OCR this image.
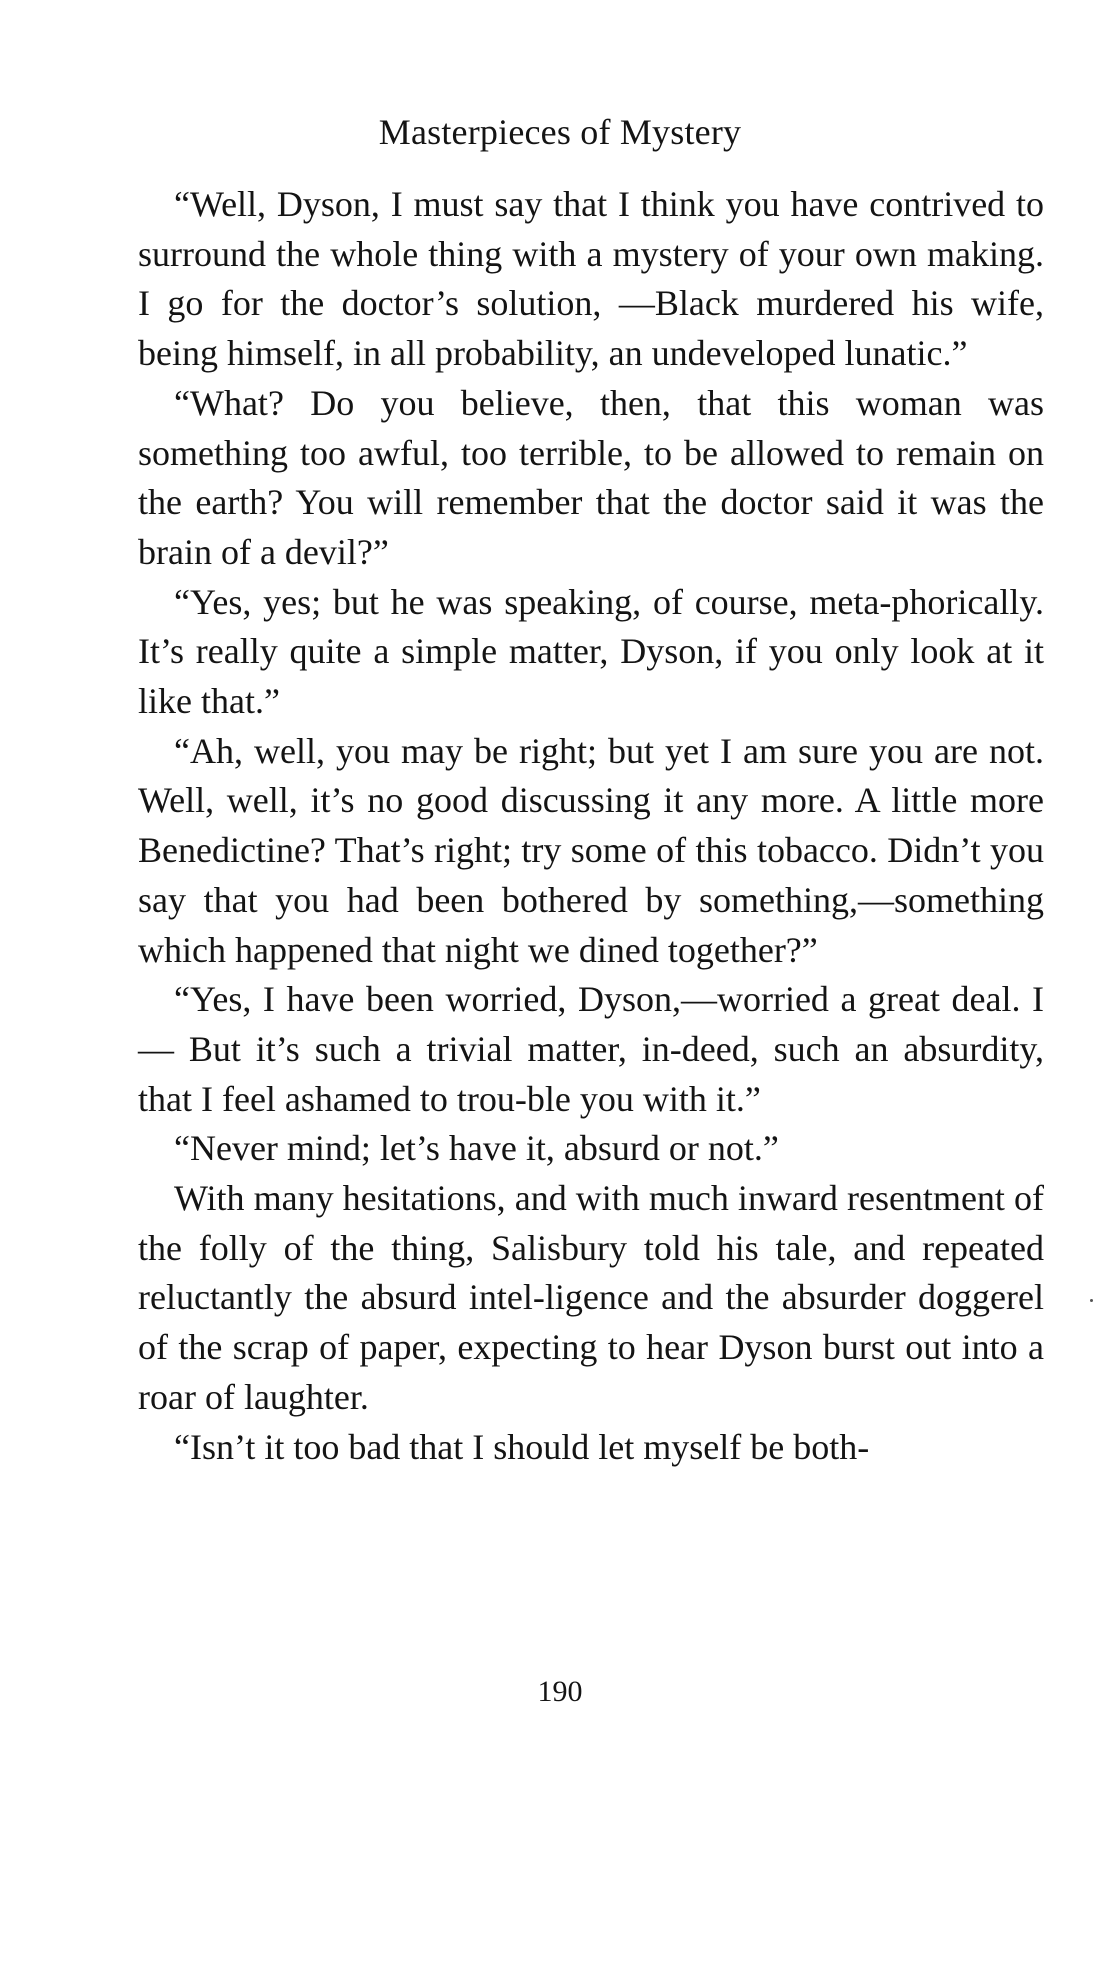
Masterpieces of Mystery

“Well, Dyson, I must say that I think you have contrived to surround the whole thing with a mystery of your own making. I go for the doctor’s solution, —Black murdered his wife, being himself, in all probability, an undeveloped lunatic.”

“What? Do you believe, then, that this woman was something too awful, too terrible, to be allowed to remain on the earth? You will remember that the doctor said it was the brain of a devil?”

“Yes, yes; but he was speaking, of course, meta-phorically. It’s really quite a simple matter, Dyson, if you only look at it like that.”

“Ah, well, you may be right; but yet I am sure you are not. Well, well, it’s no good discussing it any more. A little more Benedictine? That’s right; try some of this tobacco. Didn’t you say that you had been bothered by something,—something which happened that night we dined together?”

“Yes, I have been worried, Dyson,—worried a great deal. I— But it’s such a trivial matter, in-deed, such an absurdity, that I feel ashamed to trou-ble you with it.”

“Never mind; let’s have it, absurd or not.”

With many hesitations, and with much inward resentment of the folly of the thing, Salisbury told his tale, and repeated reluctantly the absurd intel-ligence and the absurder doggerel of the scrap of paper, expecting to hear Dyson burst out into a roar of laughter.

“Isn’t it too bad that I should let myself be both-

190
